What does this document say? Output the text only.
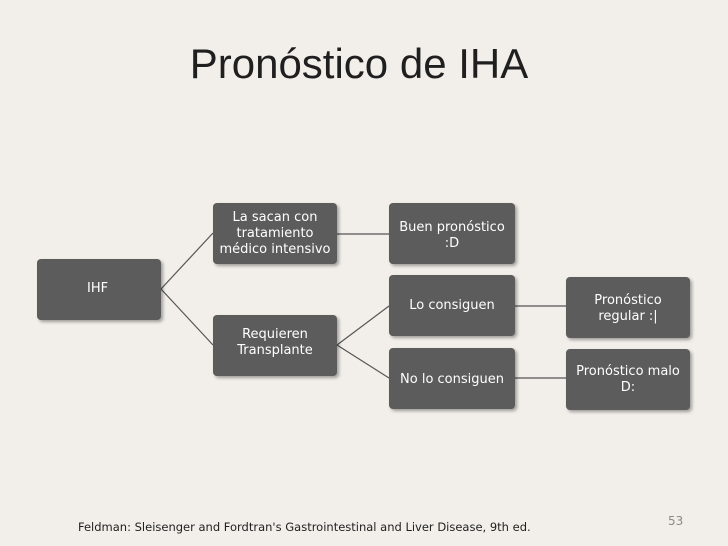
Pronóstico de IHA
IHF
La sacan con tratamiento médico intensivo
Requieren Transplante
Buen pronóstico :D
Lo consiguen
No lo consiguen
Pronóstico regular :|
Pronóstico malo D:
Feldman: Sleisenger and Fordtran's Gastrointestinal and Liver Disease, 9th ed.	53
